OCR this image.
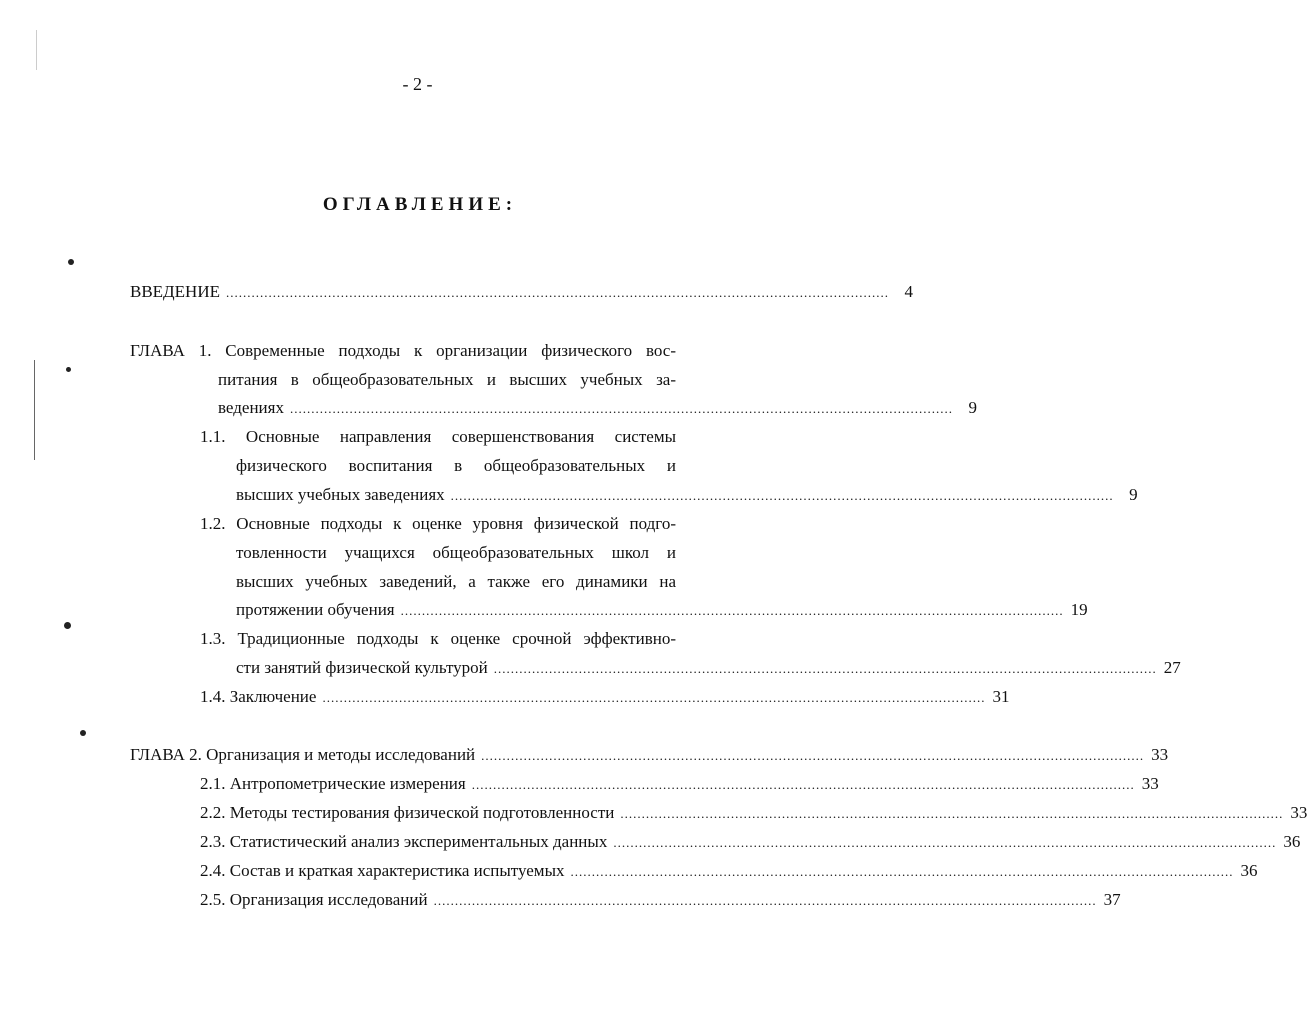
- 2 -
ОГЛАВЛЕНИЕ:
ВВЕДЕНИЕ ............................................................................................................................................................ 4
ГЛАВА 1. Современные подходы к организации физического вос-
питания в общеобразовательных и высших учебных за-
ведениях ............................................................................................................................................................ 9
1.1. Основные направления совершенствования системы
физического воспитания в общеобразовательных и
высших учебных заведениях ............................................................................................................................................................ 9
1.2. Основные подходы к оценке уровня физической подго-
товленности учащихся общеобразовательных школ и
высших учебных заведений, а также его динамики на
протяжении обучения ............................................................................................................................................................ 19
1.3. Традиционные подходы к оценке срочной эффективно-
сти занятий физической культурой ............................................................................................................................................................ 27
1.4. Заключение ............................................................................................................................................................ 31
ГЛАВА 2. Организация и методы исследований ............................................................................................................................................................ 33
2.1. Антропометрические измерения ............................................................................................................................................................ 33
2.2. Методы тестирования физической подготовленности ............................................................................................................................................................ 33
2.3. Статистический анализ экспериментальных данных ............................................................................................................................................................ 36
2.4. Состав и краткая характеристика испытуемых ............................................................................................................................................................ 36
2.5. Организация исследований ............................................................................................................................................................ 37
